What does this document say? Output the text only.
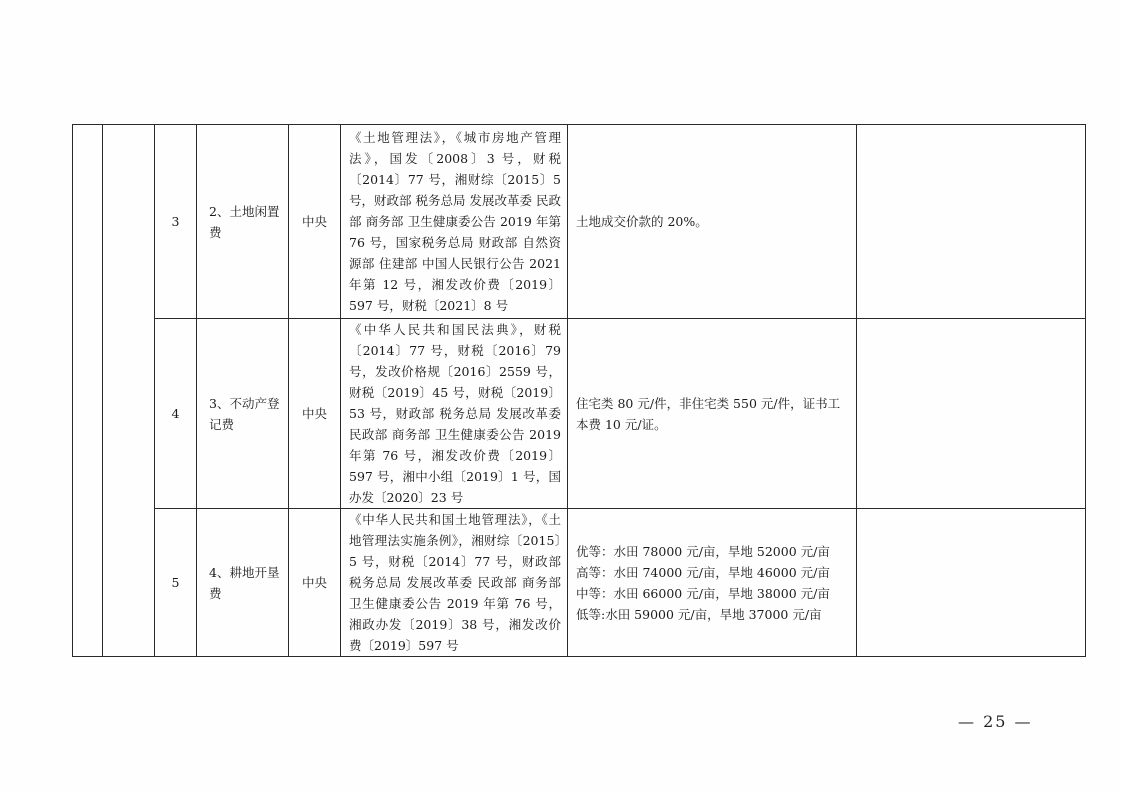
		3	2、土地闲置费	中央	《土地管理法》，《城市房地产管理法》，国发〔2008〕3 号，财税〔2014〕77 号，湘财综〔2015〕5 号，财政部 税务总局 发展改革委 民政部 商务部 卫生健康委公告 2019 年第 76 号，国家税务总局 财政部 自然资源部 住建部 中国人民银行公告 2021 年第 12 号，湘发改价费〔2019〕597 号，财税〔2021〕8 号	土地成交价款的 20%。	
		4	3、不动产登记费	中央	《中华人民共和国民法典》，财税〔2014〕77 号，财税〔2016〕79 号，发改价格规〔2016〕2559 号，财税〔2019〕45 号，财税〔2019〕53 号，财政部 税务总局 发展改革委 民政部 商务部 卫生健康委公告 2019 年第 76 号，湘发改价费〔2019〕597 号，湘中小组〔2019〕1 号，国办发〔2020〕23 号	住宅类 80 元/件，非住宅类 550 元/件，证书工本费 10 元/证。	
		5	4、耕地开垦费	中央	《中华人民共和国土地管理法》，《土地管理法实施条例》，湘财综〔2015〕5 号，财税〔2014〕77 号，财政部 税务总局 发展改革委 民政部 商务部 卫生健康委公告 2019 年第 76 号，湘政办发〔2019〕38 号，湘发改价费〔2019〕597 号	优等：水田 78000 元/亩，旱地 52000 元/亩
高等：水田 74000 元/亩，旱地 46000 元/亩
中等：水田 66000 元/亩，旱地 38000 元/亩
低等:水田 59000 元/亩，旱地 37000 元/亩	
— 25 —
